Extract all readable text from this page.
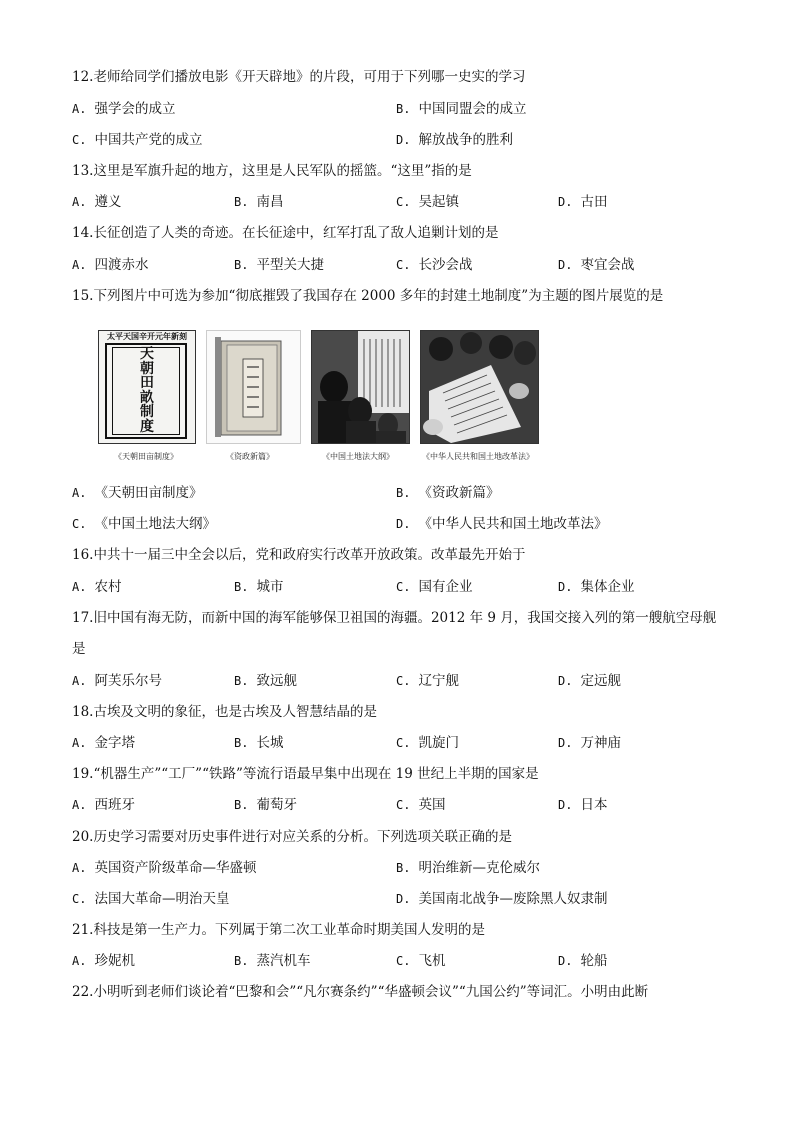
12.老师给同学们播放电影《开天辟地》的片段，可用于下列哪一史实的学习
A. 强学会的成立	B. 中国同盟会的成立
C. 中国共产党的成立	D. 解放战争的胜利
13.这里是军旗升起的地方，这里是人民军队的摇篮。“这里”指的是
A. 遵义	B. 南昌	C. 吴起镇	D. 古田
14.长征创造了人类的奇迹。在长征途中，红军打乱了敌人追剿计划的是
A. 四渡赤水	B. 平型关大捷	C. 长沙会战	D. 枣宜会战
15.下列图片中可选为参加“彻底摧毁了我国存在 2000 多年的封建土地制度”为主题的图片展览的是
太平天国辛开元年新刻
天
朝
田
畝
制
度
《天朝田亩制度》	《资政新篇》	《中国土地法大纲》	《中华人民共和国土地改革法》
A. 《天朝田亩制度》	B. 《资政新篇》
C. 《中国土地法大纲》	D. 《中华人民共和国土地改革法》
16.中共十一届三中全会以后，党和政府实行改革开放政策。改革最先开始于
A. 农村	B. 城市	C. 国有企业	D. 集体企业
17.旧中国有海无防，而新中国的海军能够保卫祖国的海疆。2012 年 9 月，我国交接入列的第一艘航空母舰
是
A. 阿芙乐尔号	B. 致远舰	C. 辽宁舰	D. 定远舰
18.古埃及文明的象征，也是古埃及人智慧结晶的是
A. 金字塔	B. 长城	C. 凯旋门	D. 万神庙
19.“机器生产”“工厂”“铁路”等流行语最早集中出现在 19 世纪上半期的国家是
A. 西班牙	B. 葡萄牙	C. 英国	D. 日本
20.历史学习需要对历史事件进行对应关系的分析。下列选项关联正确的是
A. 英国资产阶级革命—华盛顿	B. 明治维新—克伦威尔
C. 法国大革命—明治天皇	D. 美国南北战争—废除黑人奴隶制
21.科技是第一生产力。下列属于第二次工业革命时期美国人发明的是
A. 珍妮机	B. 蒸汽机车	C. 飞机	D. 轮船
22.小明听到老师们谈论着“巴黎和会”“凡尔赛条约”“华盛顿会议”“九国公约”等词汇。小明由此断
